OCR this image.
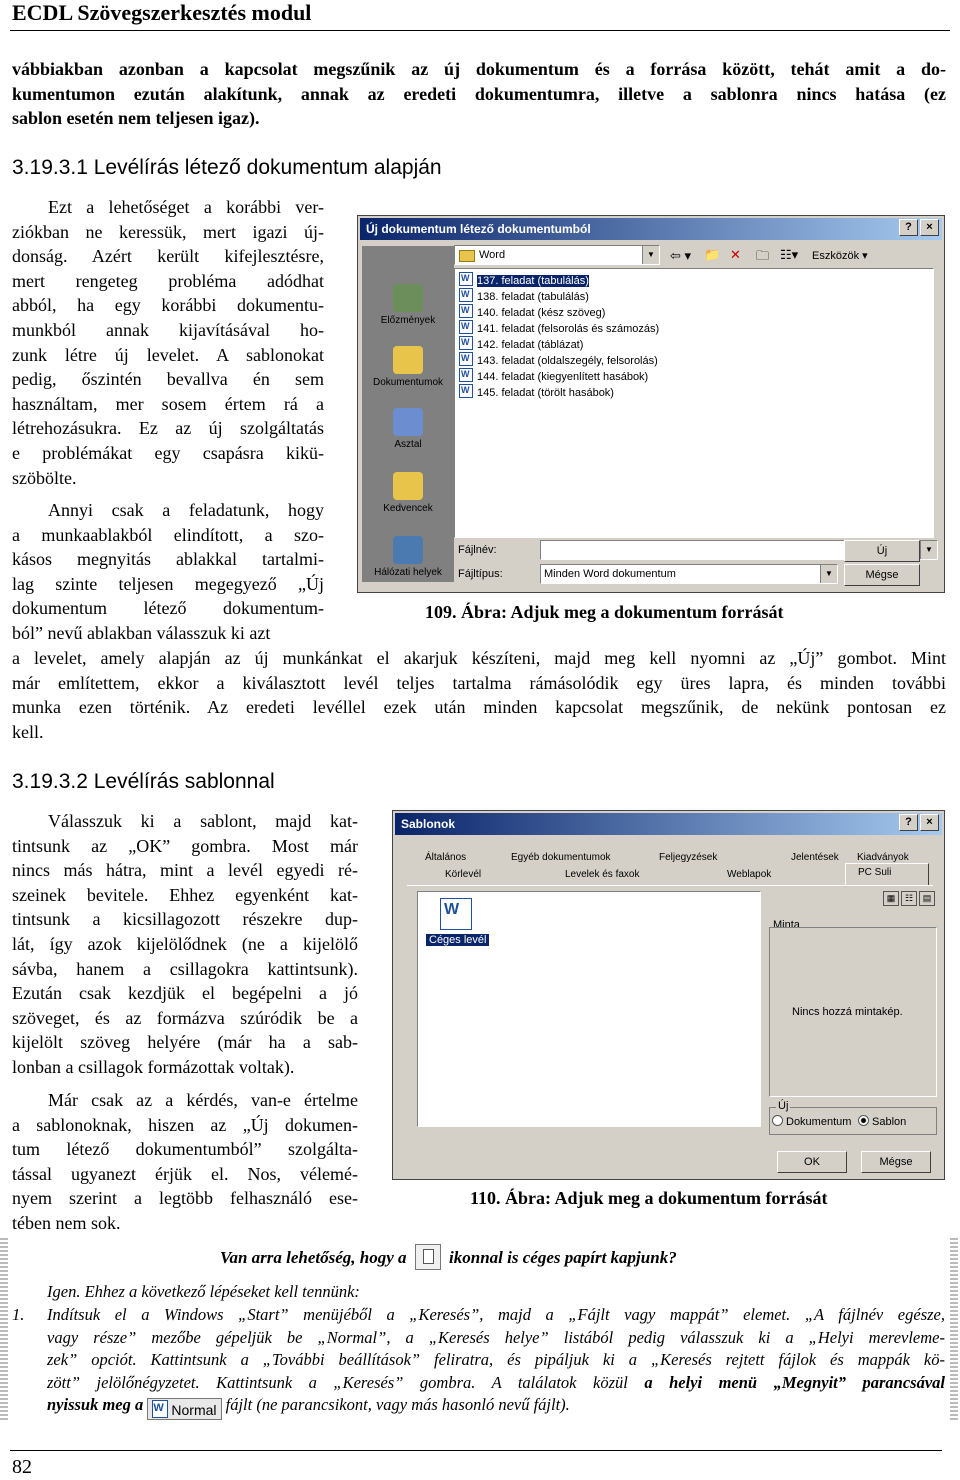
ECDL Szövegszerkesztés modul
vábbiakban azonban a kapcsolat megszűnik az új dokumentum és a forrása között, tehát amit a do-
kumentumon ezután alakítunk, annak az eredeti dokumentumra, illetve a sablonra nincs hatása (ez
sablon esetén nem teljesen igaz).
3.19.3.1 Levélírás létező dokumentum alapján
Ezt a lehetőséget a korábbi ver-
ziókban ne keressük, mert igazi új-
donság. Azért került kifejlesztésre,
mert rengeteg probléma adódhat
abból, ha egy korábbi dokumentu-
munkból annak kijavításával ho-
zunk létre új levelet. A sablonokat
pedig, őszintén bevallva én sem
használtam, mer sosem értem rá a
létrehozásukra. Ez az új szolgáltatás
e problémákat egy csapásra kikü-
szöbölte.
Annyi csak a feladatunk, hogy
a munkaablakból elindított, a szo-
kásos megnyitás ablakkal tartalmi-
lag szinte teljesen megegyező „Új
dokumentum létező dokumentum-
ból” nevű ablakban válasszuk ki azt
a levelet, amely alapján az új munkánkat el akarjuk készíteni, majd meg kell nyomni az „Új” gombot. Mint
már említettem, ekkor a kiválasztott levél teljes tartalma rámásolódik egy üres lapra, és minden további
munka ezen történik. Az eredeti levéllel ezek után minden kapcsolat megszűnik, de nekünk pontosan ez
kell.
Új dokumentum létező dokumentumból	?	×
Word	▼	⇦ ▾ 📁 ✕ 🗀 ☷▾ Eszközök ▾
Előzmények
Dokumentumok
Asztal
Kedvencek
Hálózati helyek
W137. feladat (tabulálás)
W138. feladat (tabulálás)
W140. feladat (kész szöveg)
W141. feladat (felsorolás és számozás)
W142. feladat (táblázat)
W143. feladat (oldalszegély, felsorolás)
W144. feladat (kiegyenlített hasábok)
W145. feladat (törölt hasábok)
Fájlnév:	▼
Új
Fájltípus:	Minden Word dokumentum	▼	Mégse
109. Ábra: Adjuk meg a dokumentum forrását
3.19.3.2 Levélírás sablonnal
Válasszuk ki a sablont, majd kat-
tintsunk az „OK” gombra. Most már
nincs más hátra, mint a levél egyedi ré-
szeinek bevitele. Ehhez egyenként kat-
tintsunk a kicsillagozott részekre dup-
lát, így azok kijelölődnek (ne a kijelölő
sávba, hanem a csillagokra kattintsunk).
Ezután csak kezdjük el begépelni a jó
szöveget, és az formázva szúródik be a
kijelölt szöveg helyére (már ha a sab-
lonban a csillagok formázottak voltak).
Már csak az a kérdés, van-e értelme
a sablonoknak, hiszen az „Új dokumen-
tum létező dokumentumból” szolgálta-
tással ugyanezt érjük el. Nos, vélemé-
nyem szerint a legtöbb felhasználó ese-
tében nem sok.
Sablonok	?	×
Általános	Egyéb dokumentumok	Feljegyzések	Jelentések Kiadványok
Körlevél	Levelek és faxok	Weblapok	PC Suli
W
Céges levél
▦ ☷ ▤
Minta
Nincs hozzá mintakép.
Új
Dokumentum	Sablon
OK	Mégse
110. Ábra: Adjuk meg a dokumentum forrását
Van arra lehetőség, hogy a	ikonnal is céges papírt kapjunk?
Igen. Ehhez a következő lépéseket kell tennünk:
1. Indítsuk el a Windows „Start” menüjéből a „Keresés”, majd a „Fájlt vagy mappát” elemet. „A fájlnév egésze,
vagy része” mezőbe gépeljük be „Normal”, a „Keresés helye” listából pedig válasszuk ki a „Helyi merevleme-
zek” opciót. Kattintsunk a „További beállítások” feliratra, és pipáljuk ki a „Keresés rejtett fájlok és mappák kö-
zött” jelölőnégyzetet. Kattintsunk a „Keresés” gombra. A találatok közül a helyi menü „Megnyit” parancsával
nyissuk meg a W Normal fájlt (ne parancsikont, vagy más hasonló nevű fájlt).
82
